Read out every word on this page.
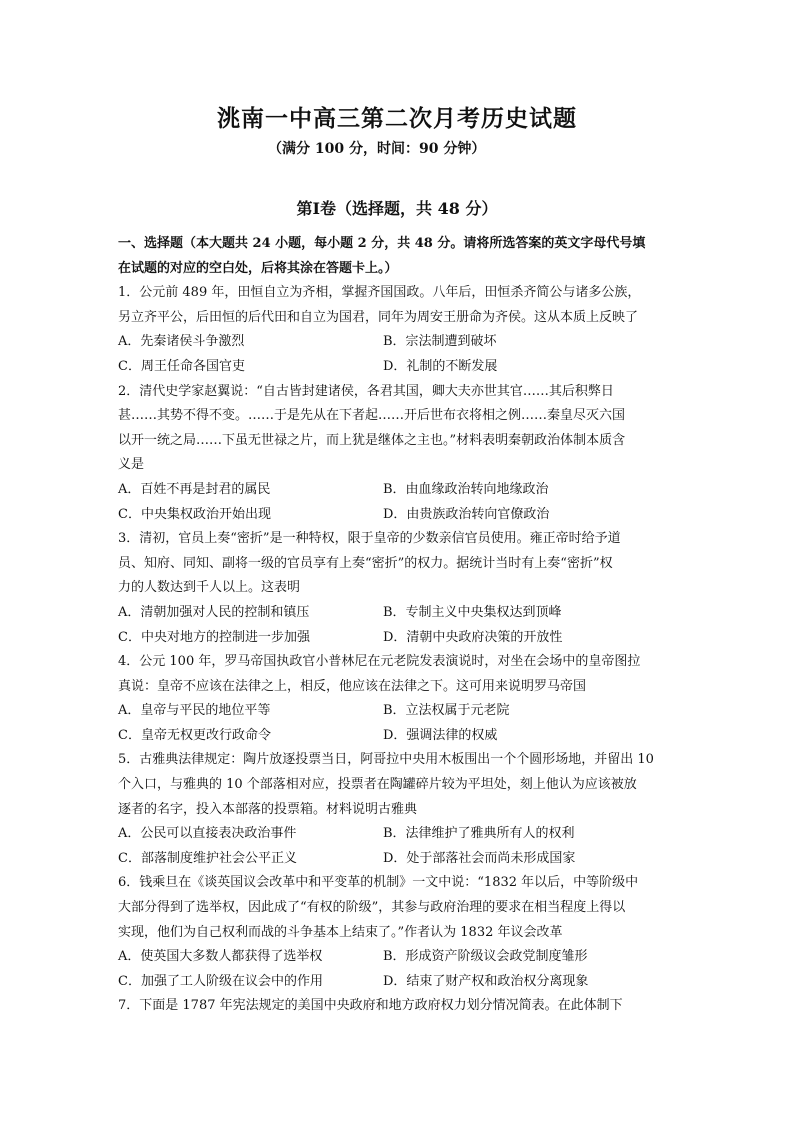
洮南一中高三第二次月考历史试题
（满分 100 分，时间：90 分钟）
第Ⅰ卷（选择题，共 48 分）
一、选择题（本大题共 24 小题，每小题 2 分，共 48 分。请将所选答案的英文字母代号填
在试题的对应的空白处，后将其涂在答题卡上。）
1．公元前 489 年，田恒自立为齐相，掌握齐国国政。八年后，田恒杀齐简公与诸多公族，
另立齐平公，后田恒的后代田和自立为国君，同年为周安王册命为齐侯。这从本质上反映了
A．先秦诸侯斗争激烈	B．宗法制遭到破坏
C．周王任命各国官吏	D．礼制的不断发展
2．清代史学家赵翼说：“自古皆封建诸侯，各君其国，卿大夫亦世其官……其后积弊日
甚……其势不得不变。……于是先从在下者起……开后世布衣将相之例……秦皇尽灭六国
以开一统之局……下虽无世禄之片，而上犹是继体之主也。”材料表明秦朝政治体制本质含
义是
A．百姓不再是封君的属民	B．由血缘政治转向地缘政治
C．中央集权政治开始出现	D．由贵族政治转向官僚政治
3．清初，官员上奏“密折”是一种特权，限于皇帝的少数亲信官员使用。雍正帝时给予道
员、知府、同知、副将一级的官员享有上奏“密折”的权力。据统计当时有上奏“密折”权
力的人数达到千人以上。这表明
A．清朝加强对人民的控制和镇压	B．专制主义中央集权达到顶峰
C．中央对地方的控制进一步加强	D．清朝中央政府决策的开放性
4．公元 100 年，罗马帝国执政官小普林尼在元老院发表演说时，对坐在会场中的皇帝图拉
真说：皇帝不应该在法律之上，相反，他应该在法律之下。这可用来说明罗马帝国
A．皇帝与平民的地位平等	B．立法权属于元老院
C．皇帝无权更改行政命令	D．强调法律的权威
5．古雅典法律规定：陶片放逐投票当日，阿哥拉中央用木板围出一个个圆形场地，并留出 10
个入口，与雅典的 10 个部落相对应，投票者在陶罐碎片较为平坦处，刻上他认为应该被放
逐者的名字，投入本部落的投票箱。材料说明古雅典
A．公民可以直接表决政治事件	B．法律维护了雅典所有人的权利
C．部落制度维护社会公平正义	D．处于部落社会而尚未形成国家
6．钱乘旦在《谈英国议会改革中和平变革的机制》一文中说：“1832 年以后，中等阶级中
大部分得到了选举权，因此成了“有权的阶级”，其参与政府治理的要求在相当程度上得以
实现，他们为自己权利而战的斗争基本上结束了。”作者认为 1832 年议会改革
A．使英国大多数人都获得了选举权	B．形成资产阶级议会政党制度雏形
C．加强了工人阶级在议会中的作用	D．结束了财产权和政治权分离现象
7．下面是 1787 年宪法规定的美国中央政府和地方政府权力划分情况简表。在此体制下
